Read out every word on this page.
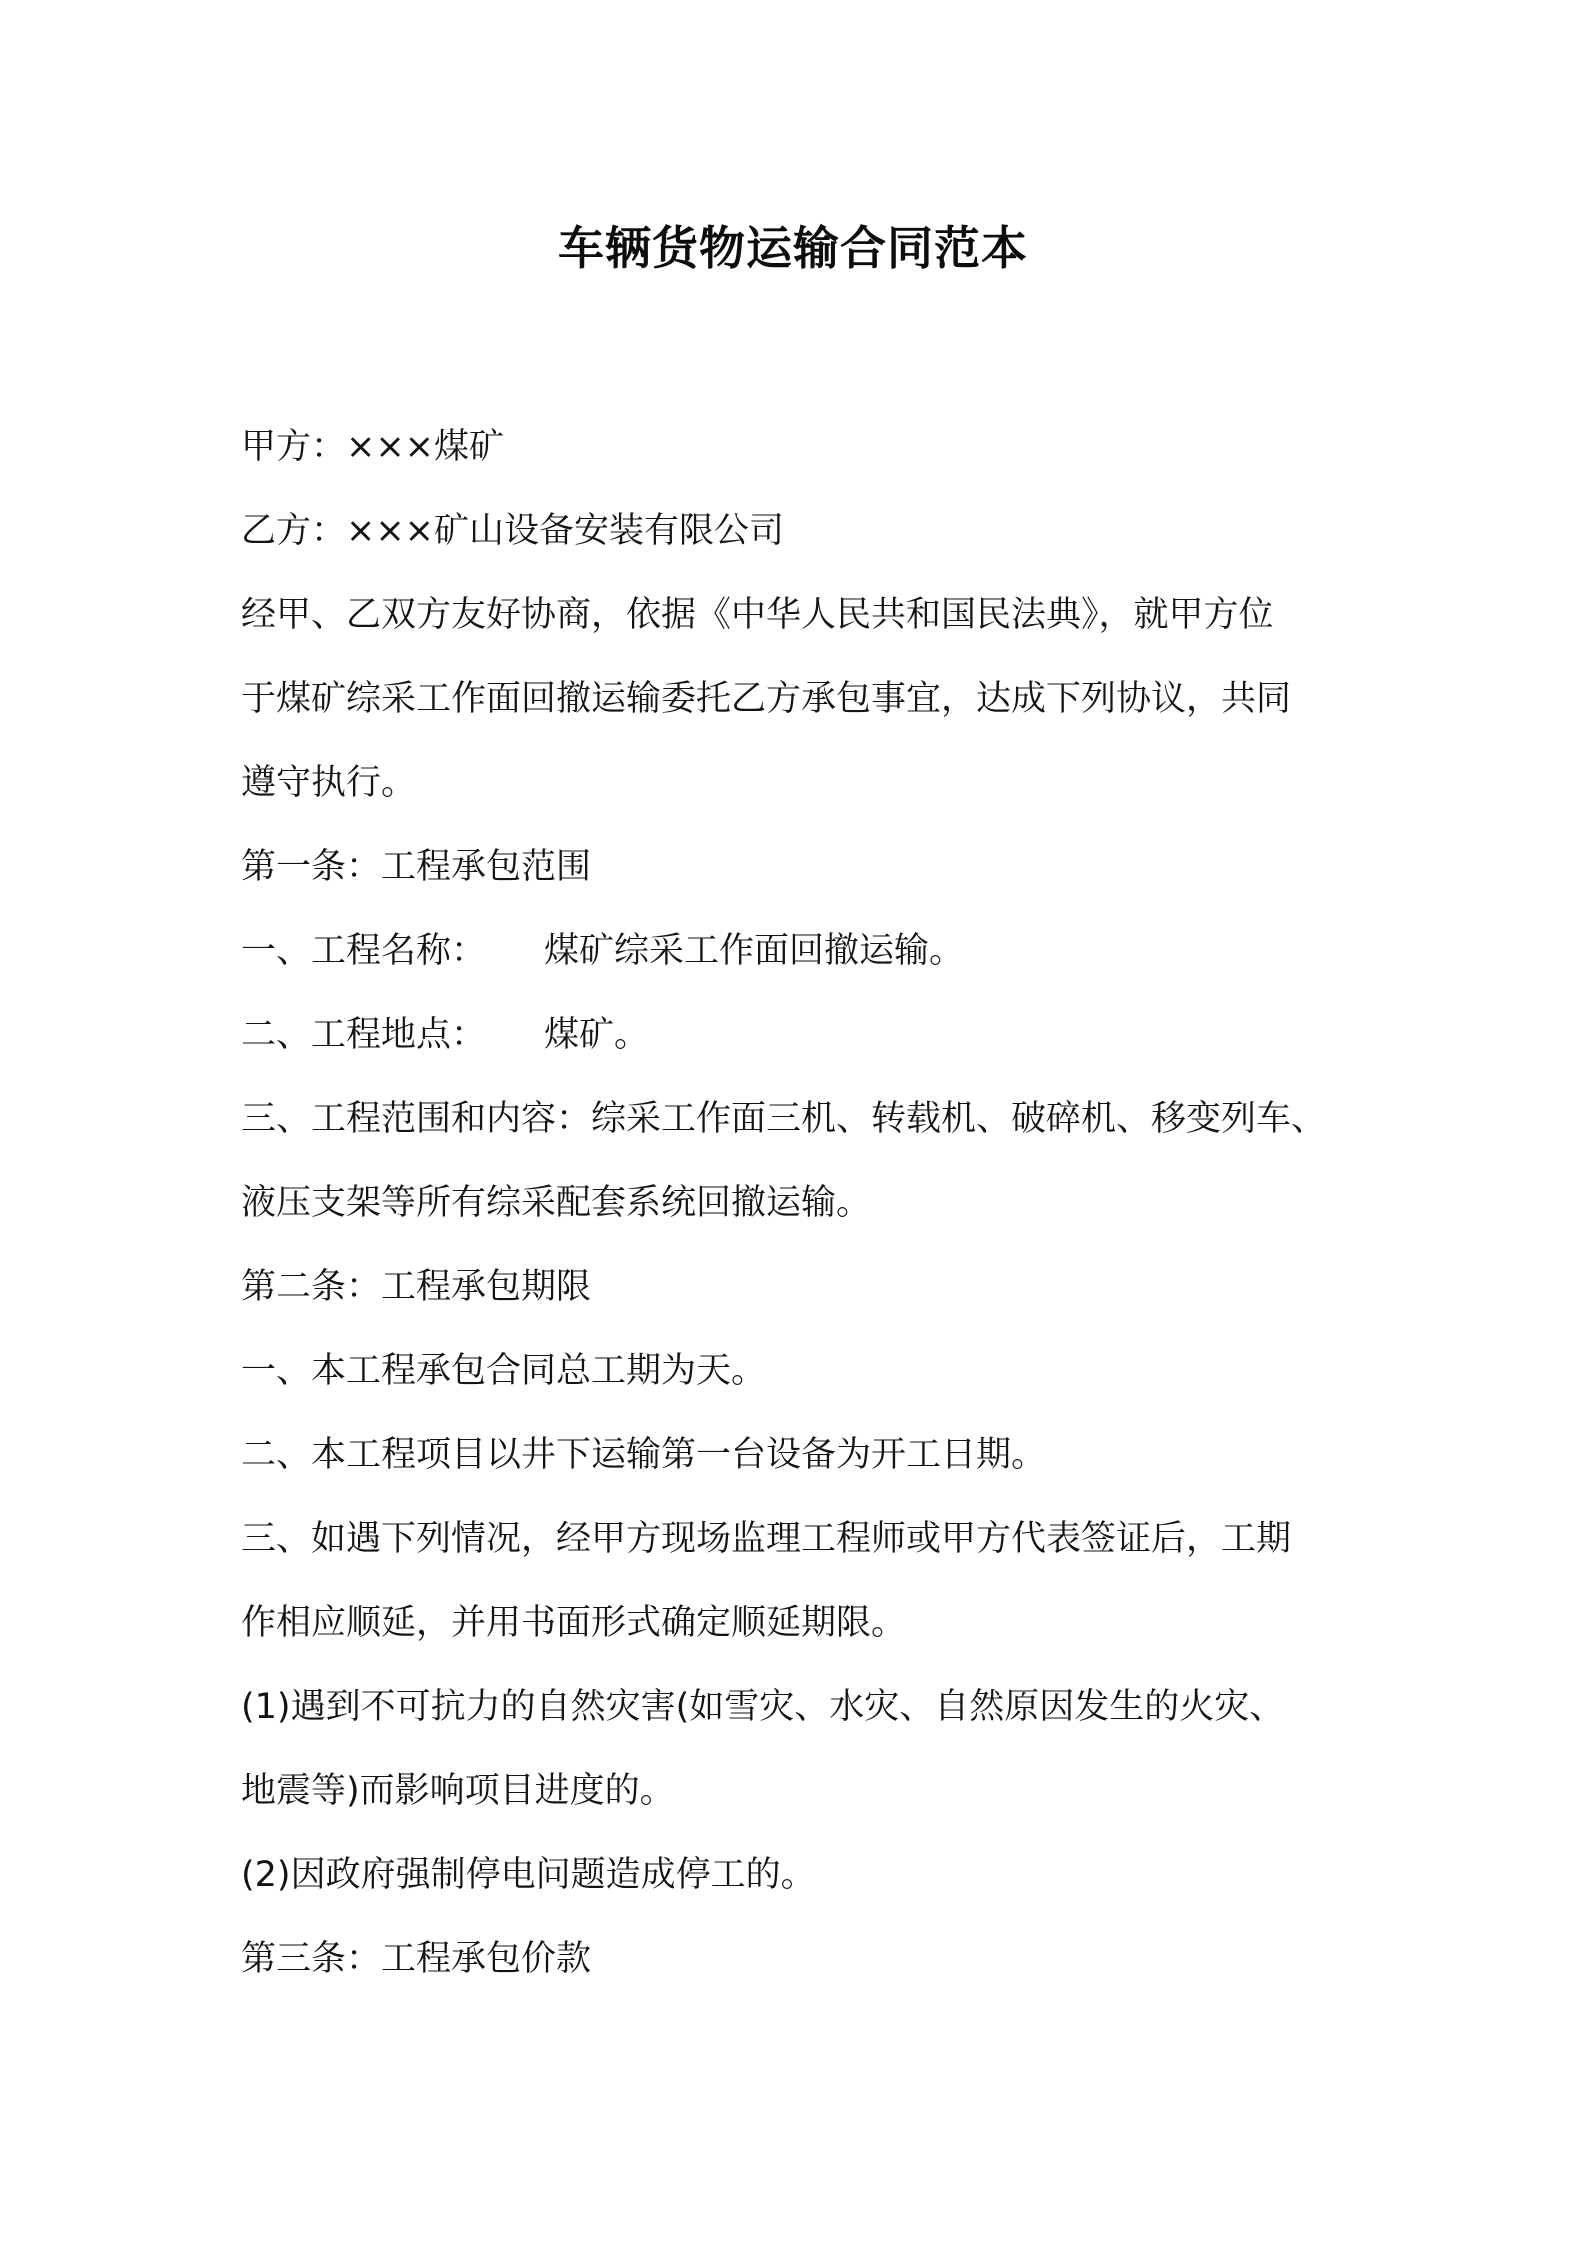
车辆货物运输合同范本
甲方：×××煤矿
乙方：×××矿山设备安装有限公司
经甲、乙双方友好协商，依据《中华人民共和国民法典》，就甲方位
于煤矿综采工作面回撤运输委托乙方承包事宜，达成下列协议，共同
遵守执行。
第一条：工程承包范围
一、工程名称： 煤矿综采工作面回撤运输。
二、工程地点： 煤矿。
三、工程范围和内容：综采工作面三机、转载机、破碎机、移变列车、
液压支架等所有综采配套系统回撤运输。
第二条：工程承包期限
一、本工程承包合同总工期为天。
二、本工程项目以井下运输第一台设备为开工日期。
三、如遇下列情况，经甲方现场监理工程师或甲方代表签证后，工期
作相应顺延，并用书面形式确定顺延期限。
(1)遇到不可抗力的自然灾害(如雪灾、水灾、自然原因发生的火灾、
地震等)而影响项目进度的。
(2)因政府强制停电问题造成停工的。
第三条：工程承包价款
